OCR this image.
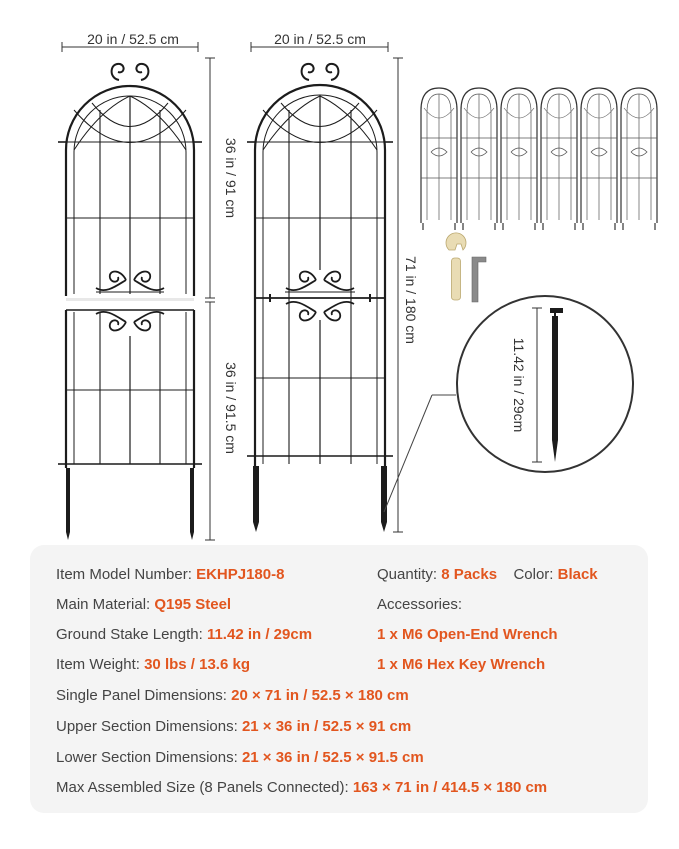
20 in / 52.5 cm	20 in / 52.5 cm
36 in / 91 cm
36 in / 91.5 cm
71 in / 180 cm
11.42 in / 29cm
Item Model Number: EKHPJ180-8	Quantity: 8 Packs Color: Black
Main Material: Q195 Steel	Accessories:
Ground Stake Length: 11.42 in / 29cm	1 x M6 Open-End Wrench
Item Weight: 30 lbs / 13.6 kg	1 x M6 Hex Key Wrench
Single Panel Dimensions: 20 × 71 in / 52.5 × 180 cm
Upper Section Dimensions: 21 × 36 in / 52.5 × 91 cm
Lower Section Dimensions: 21 × 36 in / 52.5 × 91.5 cm
Max Assembled Size (8 Panels Connected): 163 × 71 in / 414.5 × 180 cm
